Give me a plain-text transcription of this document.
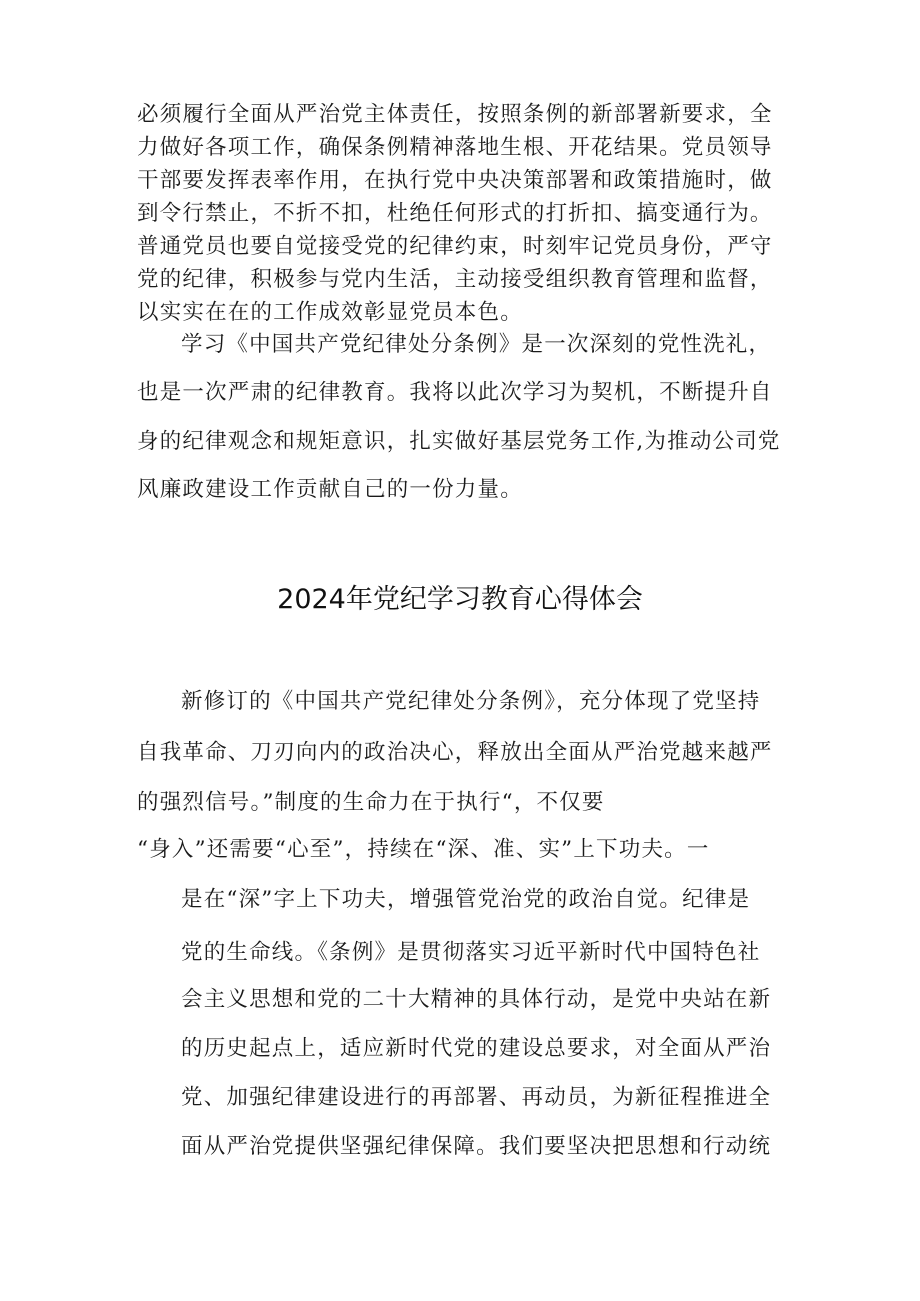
必须履行全面从严治党主体责任，按照条例的新部署新要求，全
力做好各项工作，确保条例精神落地生根、开花结果。党员领导
干部要发挥表率作用，在执行党中央决策部署和政策措施时，做
到令行禁止，不折不扣，杜绝任何形式的打折扣、搞变通行为。
普通党员也要自觉接受党的纪律约束，时刻牢记党员身份，严守
党的纪律，积极参与党内生活，主动接受组织教育管理和监督，
以实实在在的工作成效彰显党员本色。
学习《中国共产党纪律处分条例》是一次深刻的党性洗礼，
也是一次严肃的纪律教育。我将以此次学习为契机，不断提升自
身的纪律观念和规矩意识，扎实做好基层党务工作,为推动公司党
风廉政建设工作贡献自己的一份力量。
2024年党纪学习教育心得体会
新修订的《中国共产党纪律处分条例》，充分体现了党坚持
自我革命、刀刃向内的政治决心，释放出全面从严治党越来越严
的强烈信号。”制度的生命力在于执行“，不仅要
“身入”还需要“心至”，持续在“深、准、实”上下功夫。一
是在“深”字上下功夫，增强管党治党的政治自觉。纪律是
党的生命线。《条例》是贯彻落实习近平新时代中国特色社
会主义思想和党的二十大精神的具体行动，是党中央站在新
的历史起点上，适应新时代党的建设总要求，对全面从严治
党、加强纪律建设进行的再部署、再动员，为新征程推进全
面从严治党提供坚强纪律保障。我们要坚决把思想和行动统
